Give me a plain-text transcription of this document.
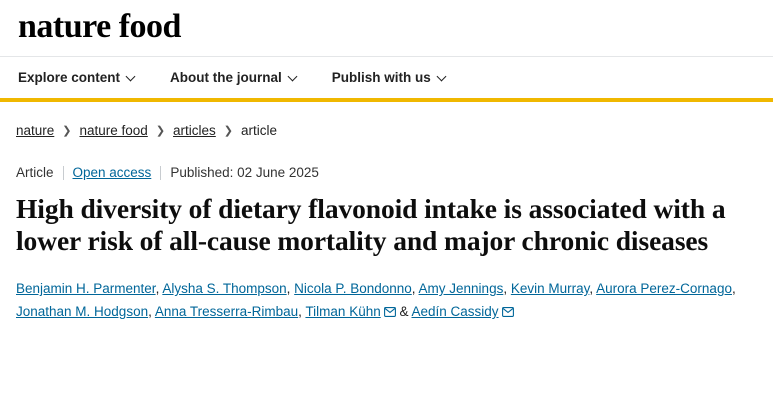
nature food
Explore content	About the journal	Publish with us
nature ❯ nature food ❯ articles ❯ article
Article	Open access	Published: 02 June 2025
High diversity of dietary flavonoid intake is associated with a lower risk of all-cause mortality and major chronic diseases
Benjamin H. Parmenter, Alysha S. Thompson, Nicola P. Bondonno, Amy Jennings, Kevin Murray, Aurora Perez-Cornago, Jonathan M. Hodgson, Anna Tresserra-Rimbau, Tilman Kühn
& Aedín Cassidy
